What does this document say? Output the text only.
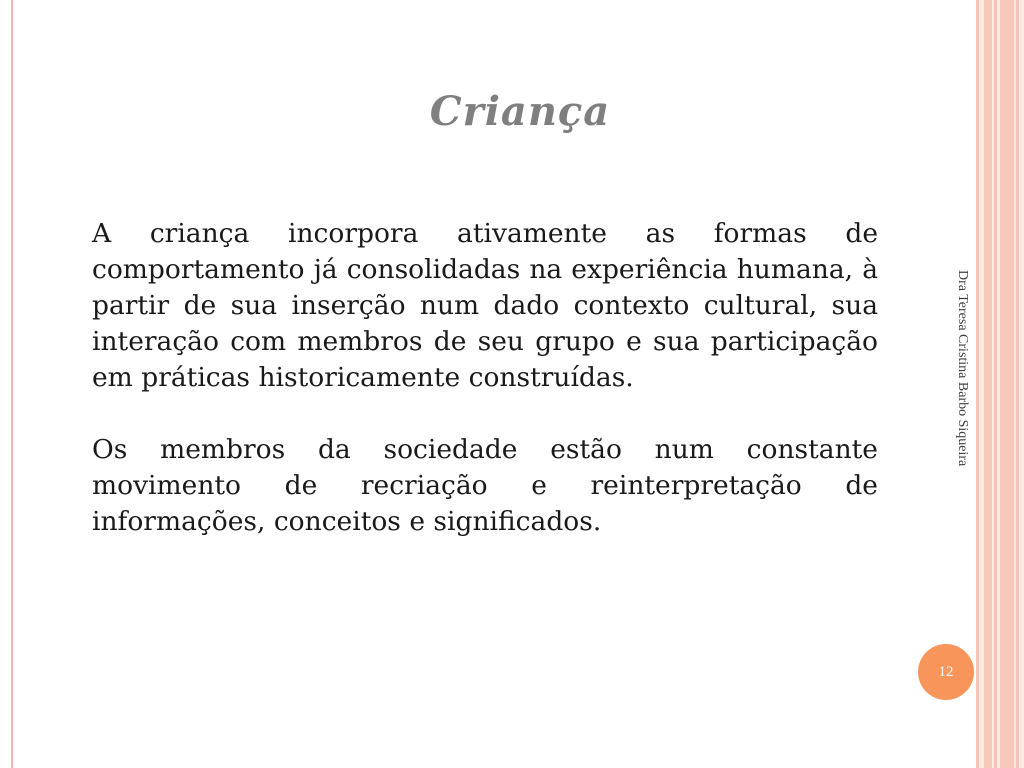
Criança

A criança incorpora ativamente as formas de comportamento já consolidadas na experiência humana, à partir de sua inserção num dado contexto cultural, sua interação com membros de seu grupo e sua participação em práticas historicamente construídas.

Os membros da sociedade estão num constante movimento de recriação e reinterpretação de informações, conceitos e significados.

Dra Teresa Cristina Barbo Siqueira
12
